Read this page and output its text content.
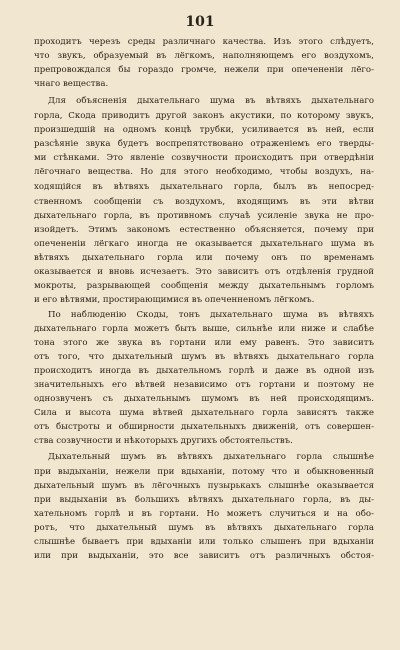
101
проходитъ черезъ среды различнаго качества. Изъ этого слѣдуетъ,
что звукъ, образуемый въ лёгкомъ, наполняющемъ его воздухомъ,
препровождался бы гораздо громче, нежели при опечененіи лёго-
чнаго вещества.
Для объясненія дыхательнаго шума въ вѣтвяхъ дыхательнаго
горла, Скода приводитъ другой законъ акустики, по которому звукъ,
произшедшій на одномъ концѣ трубки, усиливается въ ней, если
разсѣяніе звука будетъ воспрепятствовано отраженіемъ его тверды-
ми стѣнками. Это явленіе созвучности происходитъ при отвердѣніи
лёгочнаго вещества. Но для этого необходимо, чтобы воздухъ, на-
ходящійся въ вѣтвяхъ дыхательнаго горла, былъ въ непосред-
ственномъ сообщеніи съ воздухомъ, входящимъ въ эти вѣтви
дыхательнаго горла, въ противномъ случаѣ усиленіе звука не про-
изойдетъ. Этимъ закономъ естественно объясняется, почему при
опечененіи лёгкаго иногда не оказывается дыхательнаго шума въ
вѣтвяхъ дыхательнаго горла или почему онъ по временамъ
оказывается и вновь исчезаетъ. Это зависитъ отъ отдѣленія грудной
мокроты, разрывающей сообщенія между дыхательнымъ горломъ
и его вѣтвями, простирающимися въ опеченненомъ лёгкомъ.
По наблюденію Скоды, тонъ дыхательнаго шума въ вѣтвяхъ
дыхательнаго горла можетъ быть выше, сильнѣе или ниже и слабѣе
тона этого же звука въ гортани или ему равенъ. Это зависитъ
отъ того, что дыхательный шумъ въ вѣтвяхъ дыхательнаго горла
происходитъ иногда въ дыхательномъ горлѣ и даже въ одной изъ
значительныхъ его вѣтвей независимо отъ гортани и поэтому не
однозвученъ съ дыхательнымъ шумомъ въ ней происходящимъ.
Сила и высота шума вѣтвей дыхательнаго горла зависятъ также
отъ быстроты и обширности дыхательныхъ движеній, отъ совершен-
ства созвучности и нѣкоторыхъ другихъ обстоятельствъ.
Дыхательный шумъ въ вѣтвяхъ дыхательнаго горла слышнѣе
при выдыханіи, нежели при вдыханіи, потому что и обыкновенный
дыхательный шумъ въ лёгочныхъ пузырькахъ слышнѣе оказывается
при выдыханіи въ большихъ вѣтвяхъ дыхательнаго горла, въ ды-
хательномъ горлѣ и въ гортани. Но можетъ случиться и на обо-
ротъ, что дыхательный шумъ въ вѣтвяхъ дыхательнаго горла
слышнѣе бываетъ при вдыханіи или только слышенъ при вдыханіи
или при выдыханіи, это все зависитъ отъ различныхъ обстоя-
